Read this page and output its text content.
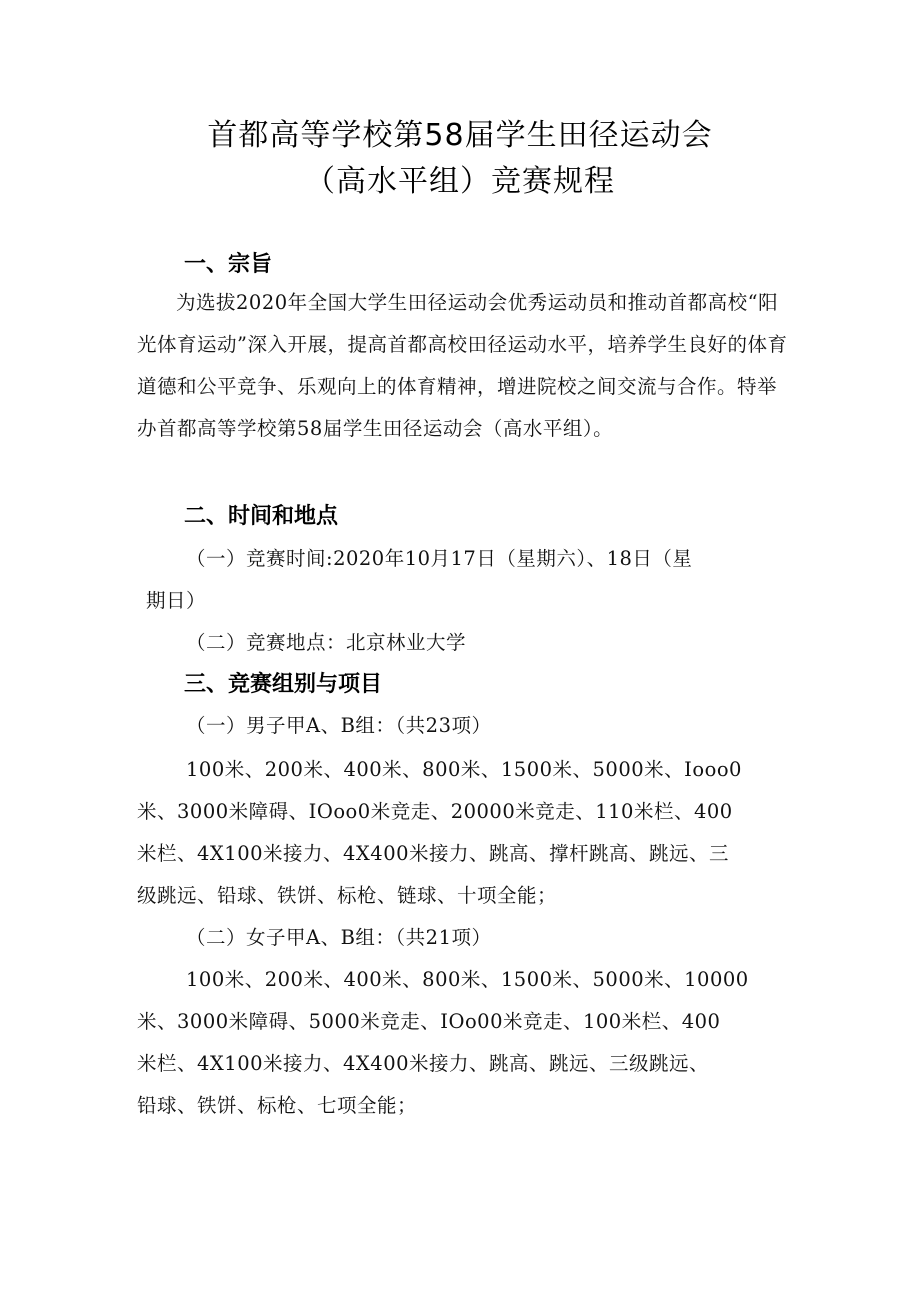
首都高等学校第58届学生田径运动会
（高水平组）竞赛规程
一、宗旨
为选拔2020年全国大学生田径运动会优秀运动员和推动首都高校“阳光体育运动”深入开展，提高首都高校田径运动水平，培养学生良好的体育道德和公平竞争、乐观向上的体育精神，增进院校之间交流与合作。特举办首都高等学校第58届学生田径运动会（高水平组）。
二、时间和地点
（一）竞赛时间:2020年10月17日（星期六）、18日（星
期日）
（二）竞赛地点：北京林业大学
三、竞赛组别与项目
（一）男子甲A、B组：（共23项）
100米、200米、400米、800米、1500米、5000米、Iooo0
米、3000米障碍、IOoo0米竞走、20000米竞走、110米栏、400
米栏、4X100米接力、4X400米接力、跳高、撑杆跳高、跳远、三
级跳远、铅球、铁饼、标枪、链球、十项全能；
（二）女子甲A、B组：（共21项）
100米、200米、400米、800米、1500米、5000米、10000
米、3000米障碍、5000米竞走、IOo00米竞走、100米栏、400
米栏、4X100米接力、4X400米接力、跳高、跳远、三级跳远、
铅球、铁饼、标枪、七项全能；
